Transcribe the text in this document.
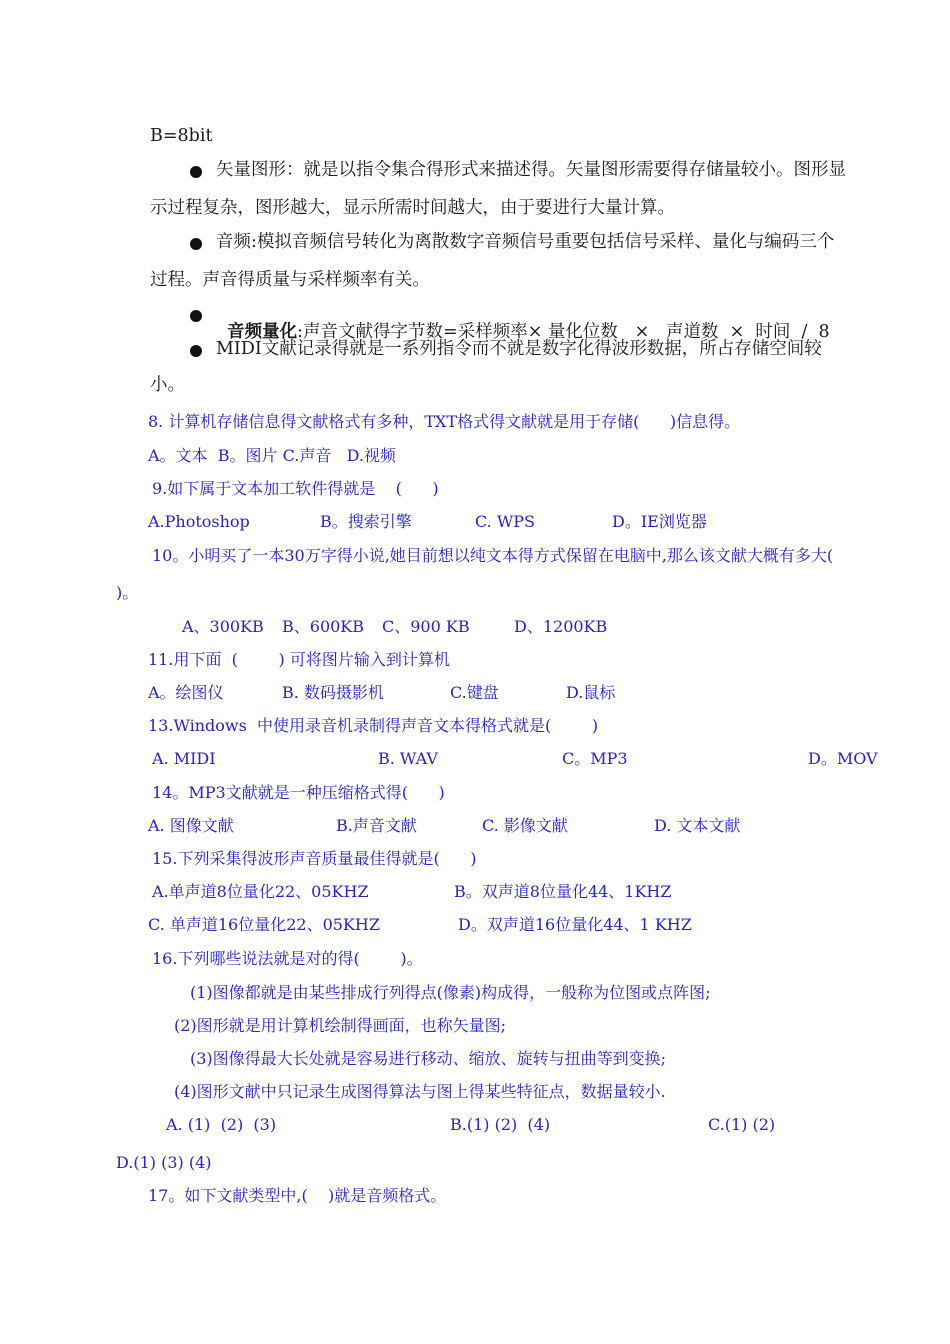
B=8bit
矢量图形：就是以指令集合得形式来描述得。矢量图形需要得存储量较小。图形显
示过程复杂，图形越大，显示所需时间越大，由于要进行大量计算。
音频:模拟音频信号转化为离散数字音频信号重要包括信号采样、量化与编码三个
过程。声音得质量与采样频率有关。

音频量化:声音文献得字节数=采样频率× 量化位数   ×   声道数  ×  时间  /  8

MIDI文献记录得就是一系列指令而不就是数字化得波形数据，所占存储空间较
小。
8. 计算机存储信息得文献格式有多种，TXT格式得文献就是用于存储(      )信息得。
A。文本  B。图片 C.声音   D.视频
9.如下属于文本加工软件得就是    (      )
A.Photoshop	B。搜索引擎	C. WPS	D。IE浏览器
10。小明买了一本30万字得小说,她目前想以纯文本得方式保留在电脑中,那么该文献大概有多大(
)。
A、300KB B、600KB C、900 KB	D、1200KB
11.用下面  (        ) 可将图片输入到计算机
A。绘图仪	B. 数码摄影机	C.键盘	D.鼠标
13.Windows  中使用录音机录制得声音文本得格式就是(        )
A. MIDI	B. WAV	C。MP3	D。MOV
14。MP3文献就是一种压缩格式得(      )
A. 图像文献	B.声音文献	C. 影像文献	D. 文本文献
15.下列采集得波形声音质量最佳得就是(      )
A.单声道8位量化22、05KHZ	B。双声道8位量化44、1KHZ
C. 单声道16位量化22、05KHZ	D。双声道16位量化44、1 KHZ
16.下列哪些说法就是对的得(        )。
(1)图像都就是由某些排成行列得点(像素)构成得，一般称为位图或点阵图;
(2)图形就是用计算机绘制得画面，也称矢量图;
(3)图像得最大长处就是容易进行移动、缩放、旋转与扭曲等到变换;
(4)图形文献中只记录生成图得算法与图上得某些特征点，数据量较小.
A. (1)  (2)  (3)	B.(1) (2)  (4)	C.(1) (2)
D.(1) (3) (4)
17。如下文献类型中,(    )就是音频格式。
